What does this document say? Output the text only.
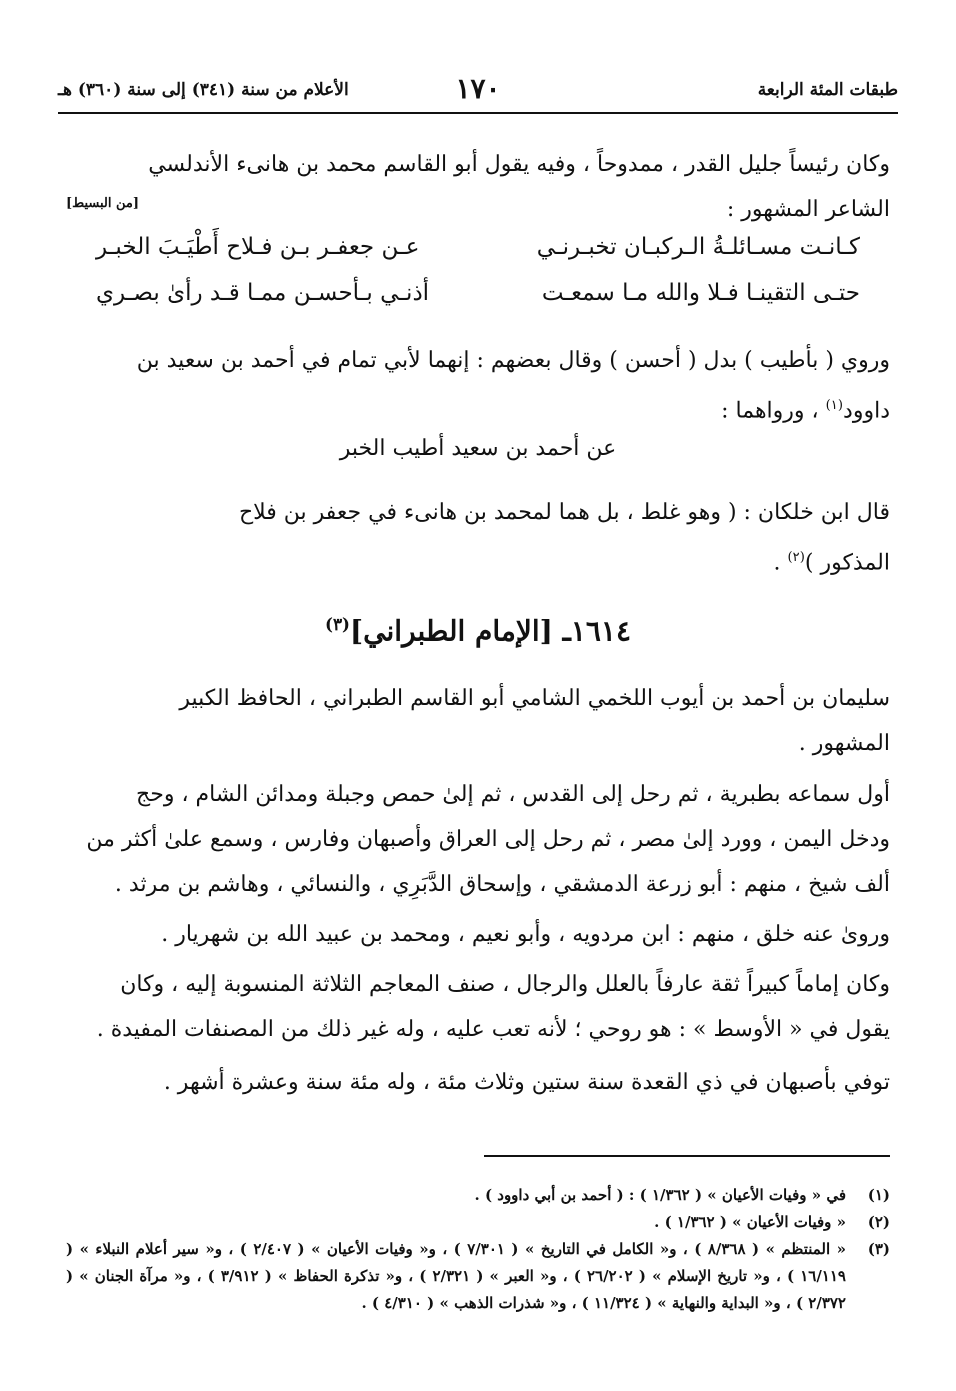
طبقات المئة الرابعة
١٧٠
الأعلام من سنة (٣٤١) إلى سنة (٣٦٠) هـ
وكان رئيساً جليل القدر ، ممدوحاً ، وفيه يقول أبو القاسم محمد بن هانىء الأندلسي
الشاعر المشهور :
[من البسيط]
كـانـت مسـائلـةُ الـركبـان تخبـرنـي
عـن جعفـر بـن فـلاح أَطْيَـبَ الخبـر
حتـى التقينـا فـلا والله مـا سمعـت
أذنـي بـأحسـن ممـا قـد رأىٰ بصـري
وروي ( بأطيب ) بدل ( أحسن ) وقال بعضهم : إنهما لأبي تمام في أحمد بن سعيد بن
داوود$^{(١)}$ ، ورواهما :
عن أحمد بن سعيد أطيب الخبر
قال ابن خلكان : ( وهو غلط ، بل هما لمحمد بن هانىء في جعفر بن فلاح
المذكور )$^{(٢)}$ .
١٦١٤ـ [الإمام الطبراني]$^{(٣)}$
سليمان بن أحمد بن أيوب اللخمي الشامي أبو القاسم الطبراني ، الحافظ الكبير
المشهور .
أول سماعه بطبرية ، ثم رحل إلى القدس ، ثم إلىٰ حمص وجبلة ومدائن الشام ، وحج
ودخل اليمن ، وورد إلىٰ مصر ، ثم رحل إلى العراق وأصبهان وفارس ، وسمع علىٰ أكثر من
ألف شيخ ، منهم : أبو زرعة الدمشقي ، وإسحاق الدَّبَرِي ، والنسائي ، وهاشم بن مرثد .
وروىٰ عنه خلق ، منهم : ابن مردويه ، وأبو نعيم ، ومحمد بن عبيد الله بن شهريار .
وكان إماماً كبيراً ثقة عارفاً بالعلل والرجال ، صنف المعاجم الثلاثة المنسوبة إليه ، وكان
يقول في « الأوسط » : هو روحي ؛ لأنه تعب عليه ، وله غير ذلك من المصنفات المفيدة .
توفي بأصبهان في ذي القعدة سنة ستين وثلاث مئة ، وله مئة سنة وعشرة أشهر .
(١)
في « وفيات الأعيان » ( ١/٣٦٢ ) : ( أحمد بن أبي داوود ) .
(٢)
« وفيات الأعيان » ( ١/٣٦٢ ) .
(٣)
« المنتظم » ( ٨/٣٦٨ ) ، و« الكامل في التاريخ » ( ٧/٣٠١ ) ، و« وفيات الأعيان » ( ٢/٤٠٧ ) ، و« سير أعلام النبلاء » ( ١٦/١١٩ ) ، و« تاريخ الإسلام » ( ٢٦/٢٠٢ ) ، و« العبر » ( ٢/٣٢١ ) ، و« تذكرة الحفاظ » ( ٣/٩١٢ ) ، و« مرآة الجنان » ( ٢/٣٧٢ ) ، و« البداية والنهاية » ( ١١/٣٢٤ ) ، و« شذرات الذهب » ( ٤/٣١٠ ) .
